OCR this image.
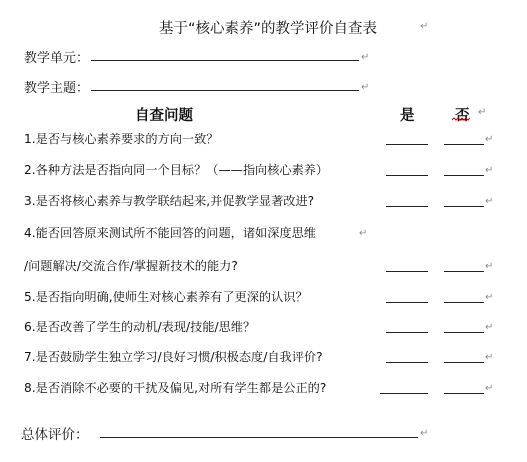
基于“核心素养”的教学评价自查表	↵
教学单元：	↵
教学主题：	↵
自查问题	是	否 ↵
1.是否与核心素养要求的方向一致？	↵
2.各种方法是否指向同一个目标？（——指向核心素养）	↵
3.是否将核心素养与教学联结起来,并促教学显著改进?	↵
4.能否回答原来测试所不能回答的问题，诸如深度思维	↵
/问题解决/交流合作/掌握新技术的能力?	↵
5.是否指向明确,使师生对核心素养有了更深的认识？	↵
6.是否改善了学生的动机/表现/技能/思维？	↵
7.是否鼓励学生独立学习/良好习惯/积极态度/自我评价?	↵
8.是否消除不必要的干扰及偏见,对所有学生都是公正的?	↵
总体评价：	↵
